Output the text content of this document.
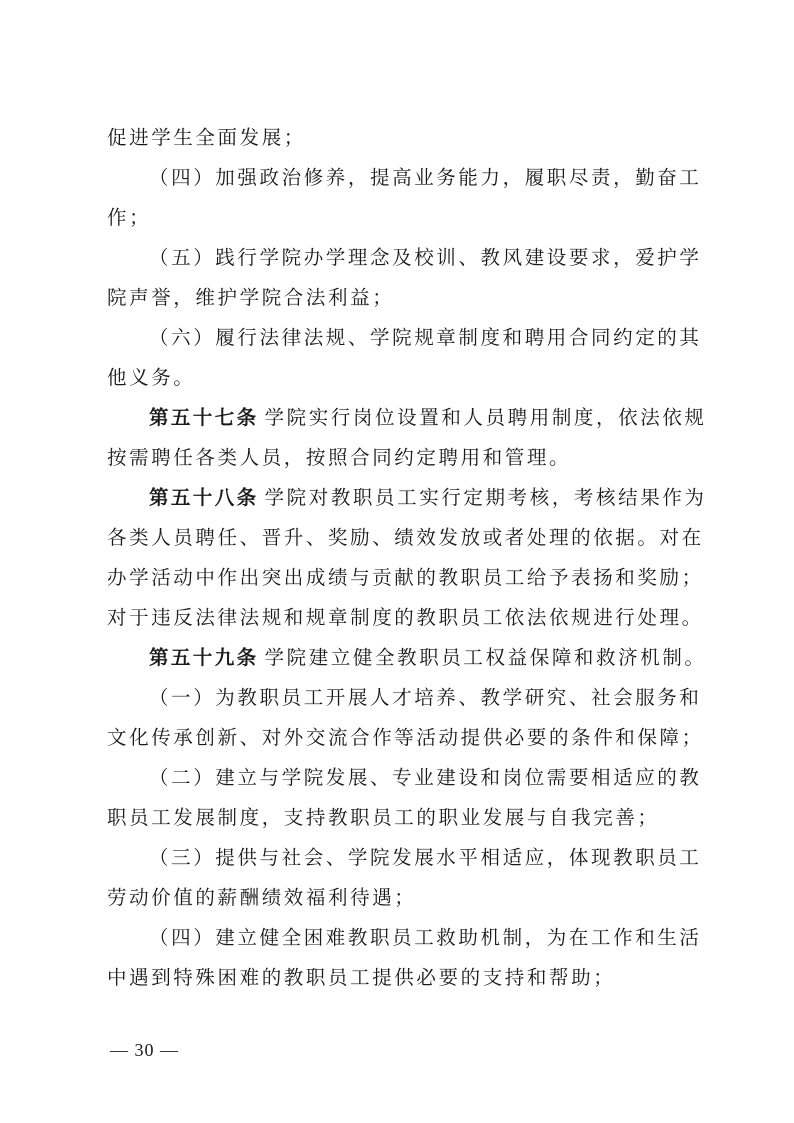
促进学生全面发展；
（四）加强政治修养，提高业务能力，履职尽责，勤奋工
作；
（五）践行学院办学理念及校训、教风建设要求，爱护学
院声誉，维护学院合法利益；
（六）履行法律法规、学院规章制度和聘用合同约定的其
他义务。
第五十七条 学院实行岗位设置和人员聘用制度，依法依规
按需聘任各类人员，按照合同约定聘用和管理。
第五十八条 学院对教职员工实行定期考核，考核结果作为
各类人员聘任、晋升、奖励、绩效发放或者处理的依据。对在
办学活动中作出突出成绩与贡献的教职员工给予表扬和奖励；
对于违反法律法规和规章制度的教职员工依法依规进行处理。
第五十九条 学院建立健全教职员工权益保障和救济机制。
（一）为教职员工开展人才培养、教学研究、社会服务和
文化传承创新、对外交流合作等活动提供必要的条件和保障；
（二）建立与学院发展、专业建设和岗位需要相适应的教
职员工发展制度，支持教职员工的职业发展与自我完善；
（三）提供与社会、学院发展水平相适应，体现教职员工
劳动价值的薪酬绩效福利待遇；
（四）建立健全困难教职员工救助机制，为在工作和生活
中遇到特殊困难的教职员工提供必要的支持和帮助；
— 30 —
